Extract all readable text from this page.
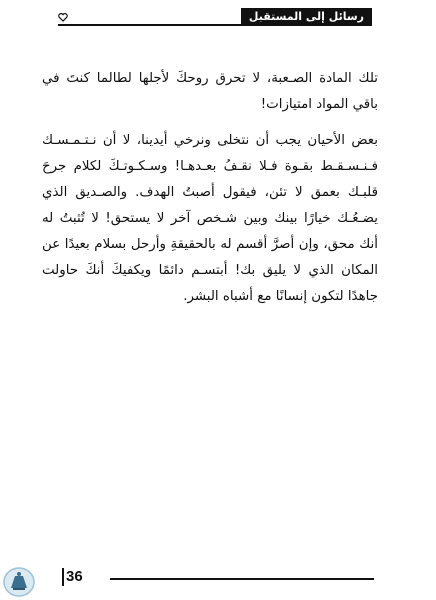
رسائل إلى المستقبل

تلك المادة الصـعبة، لا تحرق روحكَ لأجلها لطالما كنتَ في باقي المواد امتيازات!

بعض الأحيان يجب أن نتخلى ونرخي أيدينا، لا أن نـتـمـسـك فـنـسـقـط بقـوة فـلا نقـفُ بعـدهـا! وسـكـوتـكَ لكلام جرحَ قلبـك بعمق لا تئن، فيقول أصبتُ الهدف. والصـديق الذي يضـعُـك خيارًا بينك وبين شـخص آخر لا يستحق! لا تُثبتُ له أنك محق، وإن أصرَّ أقسم له بالحقيقةِ وأرحل بسلام بعيدًا عن المكان الذي لا يليق بك! أبتسـم دائمًا ويكفيكَ أنكَ حاولت جاهدًا لتكون إنسانًا مع أشباه البشر.

36
